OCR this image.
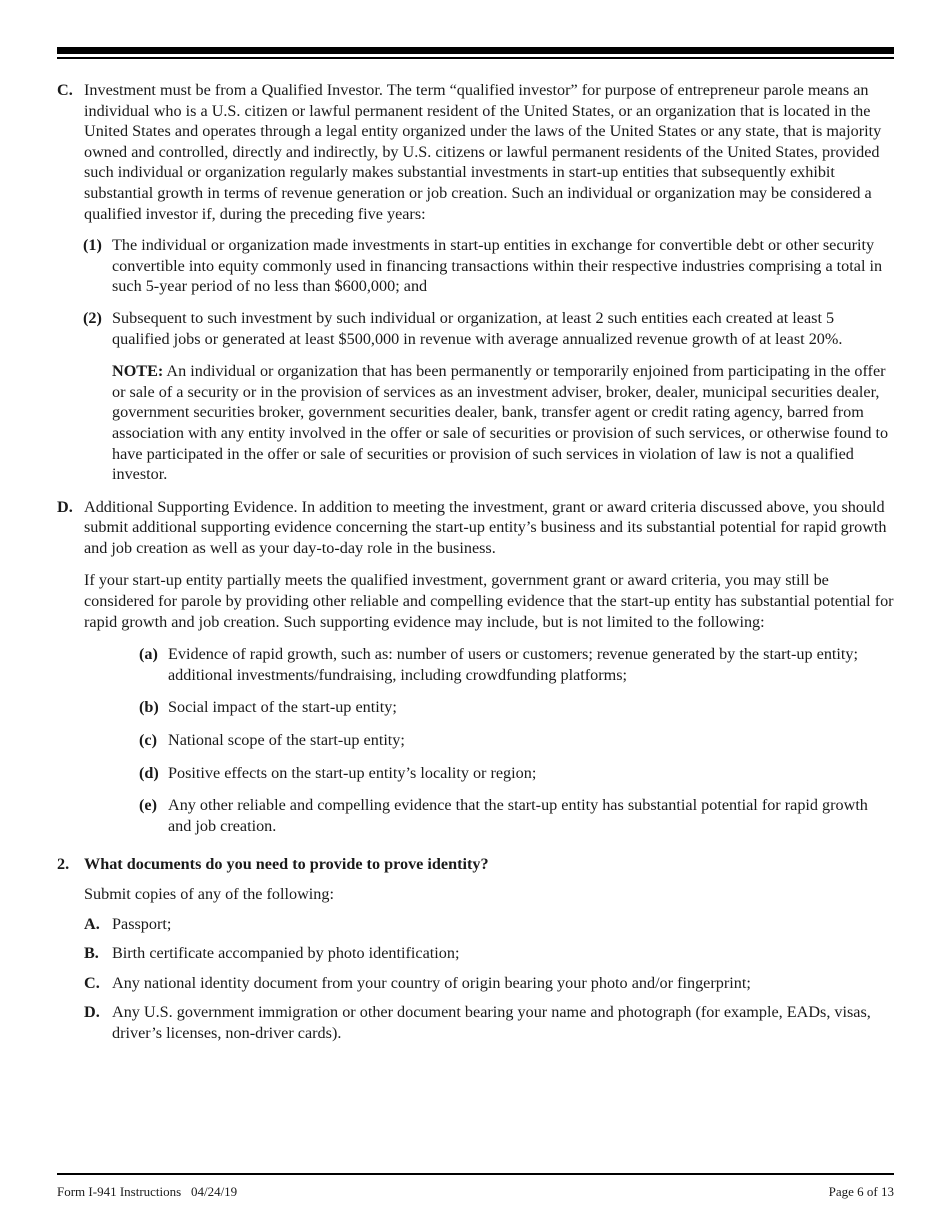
C. Investment must be from a Qualified Investor. The term “qualified investor” for purpose of entrepreneur parole means an individual who is a U.S. citizen or lawful permanent resident of the United States, or an organization that is located in the United States and operates through a legal entity organized under the laws of the United States or any state, that is majority owned and controlled, directly and indirectly, by U.S. citizens or lawful permanent residents of the United States, provided such individual or organization regularly makes substantial investments in start-up entities that subsequently exhibit substantial growth in terms of revenue generation or job creation. Such an individual or organization may be considered a qualified investor if, during the preceding five years:

(1) The individual or organization made investments in start-up entities in exchange for convertible debt or other security convertible into equity commonly used in financing transactions within their respective industries comprising a total in such 5-year period of no less than $600,000; and

(2) Subsequent to such investment by such individual or organization, at least 2 such entities each created at least 5 qualified jobs or generated at least $500,000 in revenue with average annualized revenue growth of at least 20%.

NOTE: An individual or organization that has been permanently or temporarily enjoined from participating in the offer or sale of a security or in the provision of services as an investment adviser, broker, dealer, municipal securities dealer, government securities broker, government securities dealer, bank, transfer agent or credit rating agency, barred from association with any entity involved in the offer or sale of securities or provision of such services, or otherwise found to have participated in the offer or sale of securities or provision of such services in violation of law is not a qualified investor.
D. Additional Supporting Evidence. In addition to meeting the investment, grant or award criteria discussed above, you should submit additional supporting evidence concerning the start-up entity’s business and its substantial potential for rapid growth and job creation as well as your day-to-day role in the business.

If your start-up entity partially meets the qualified investment, government grant or award criteria, you may still be considered for parole by providing other reliable and compelling evidence that the start-up entity has substantial potential for rapid growth and job creation. Such supporting evidence may include, but is not limited to the following:

(a) Evidence of rapid growth, such as: number of users or customers; revenue generated by the start-up entity; additional investments/fundraising, including crowdfunding platforms;

(b) Social impact of the start-up entity;

(c) National scope of the start-up entity;

(d) Positive effects on the start-up entity’s locality or region;

(e) Any other reliable and compelling evidence that the start-up entity has substantial potential for rapid growth and job creation.

2. What documents do you need to provide to prove identity?

Submit copies of any of the following:

A. Passport;

B. Birth certificate accompanied by photo identification;

C. Any national identity document from your country of origin bearing your photo and/or fingerprint;

D. Any U.S. government immigration or other document bearing your name and photograph (for example, EADs, visas, driver’s licenses, non-driver cards).

Form I-941 Instructions   04/24/19	Page 6 of 13
